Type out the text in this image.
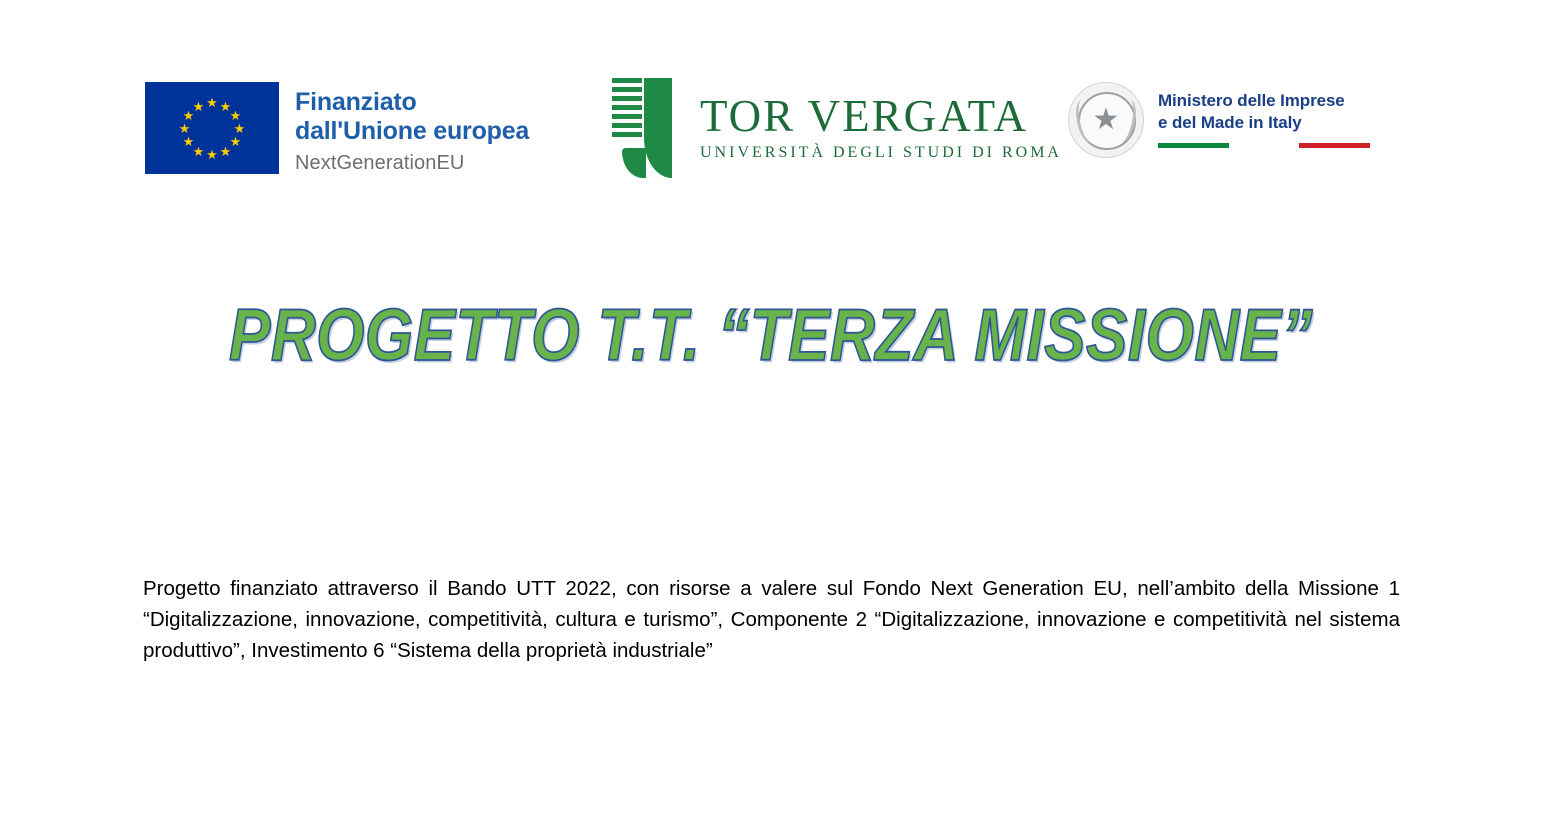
★ ★
★
★
★
★
★
★
★
★
★
★	Finanziato
dall'Unione europea
NextGenerationEU
TOR VERGATA
UNIVERSITÀ DEGLI STUDI DI ROMA
★
Ministero delle Imprese
e del Made in Italy
PROGETTO T.T. “TERZA MISSIONE”
Progetto finanziato attraverso il Bando UTT 2022, con risorse a valere sul Fondo Next Generation EU, nell’ambito della Missione 1 “Digitalizzazione, innovazione, competitività, cultura e turismo”, Componente 2 “Digitalizzazione, innovazione e competitività nel sistema produttivo”, Investimento 6 “Sistema della proprietà industriale”
